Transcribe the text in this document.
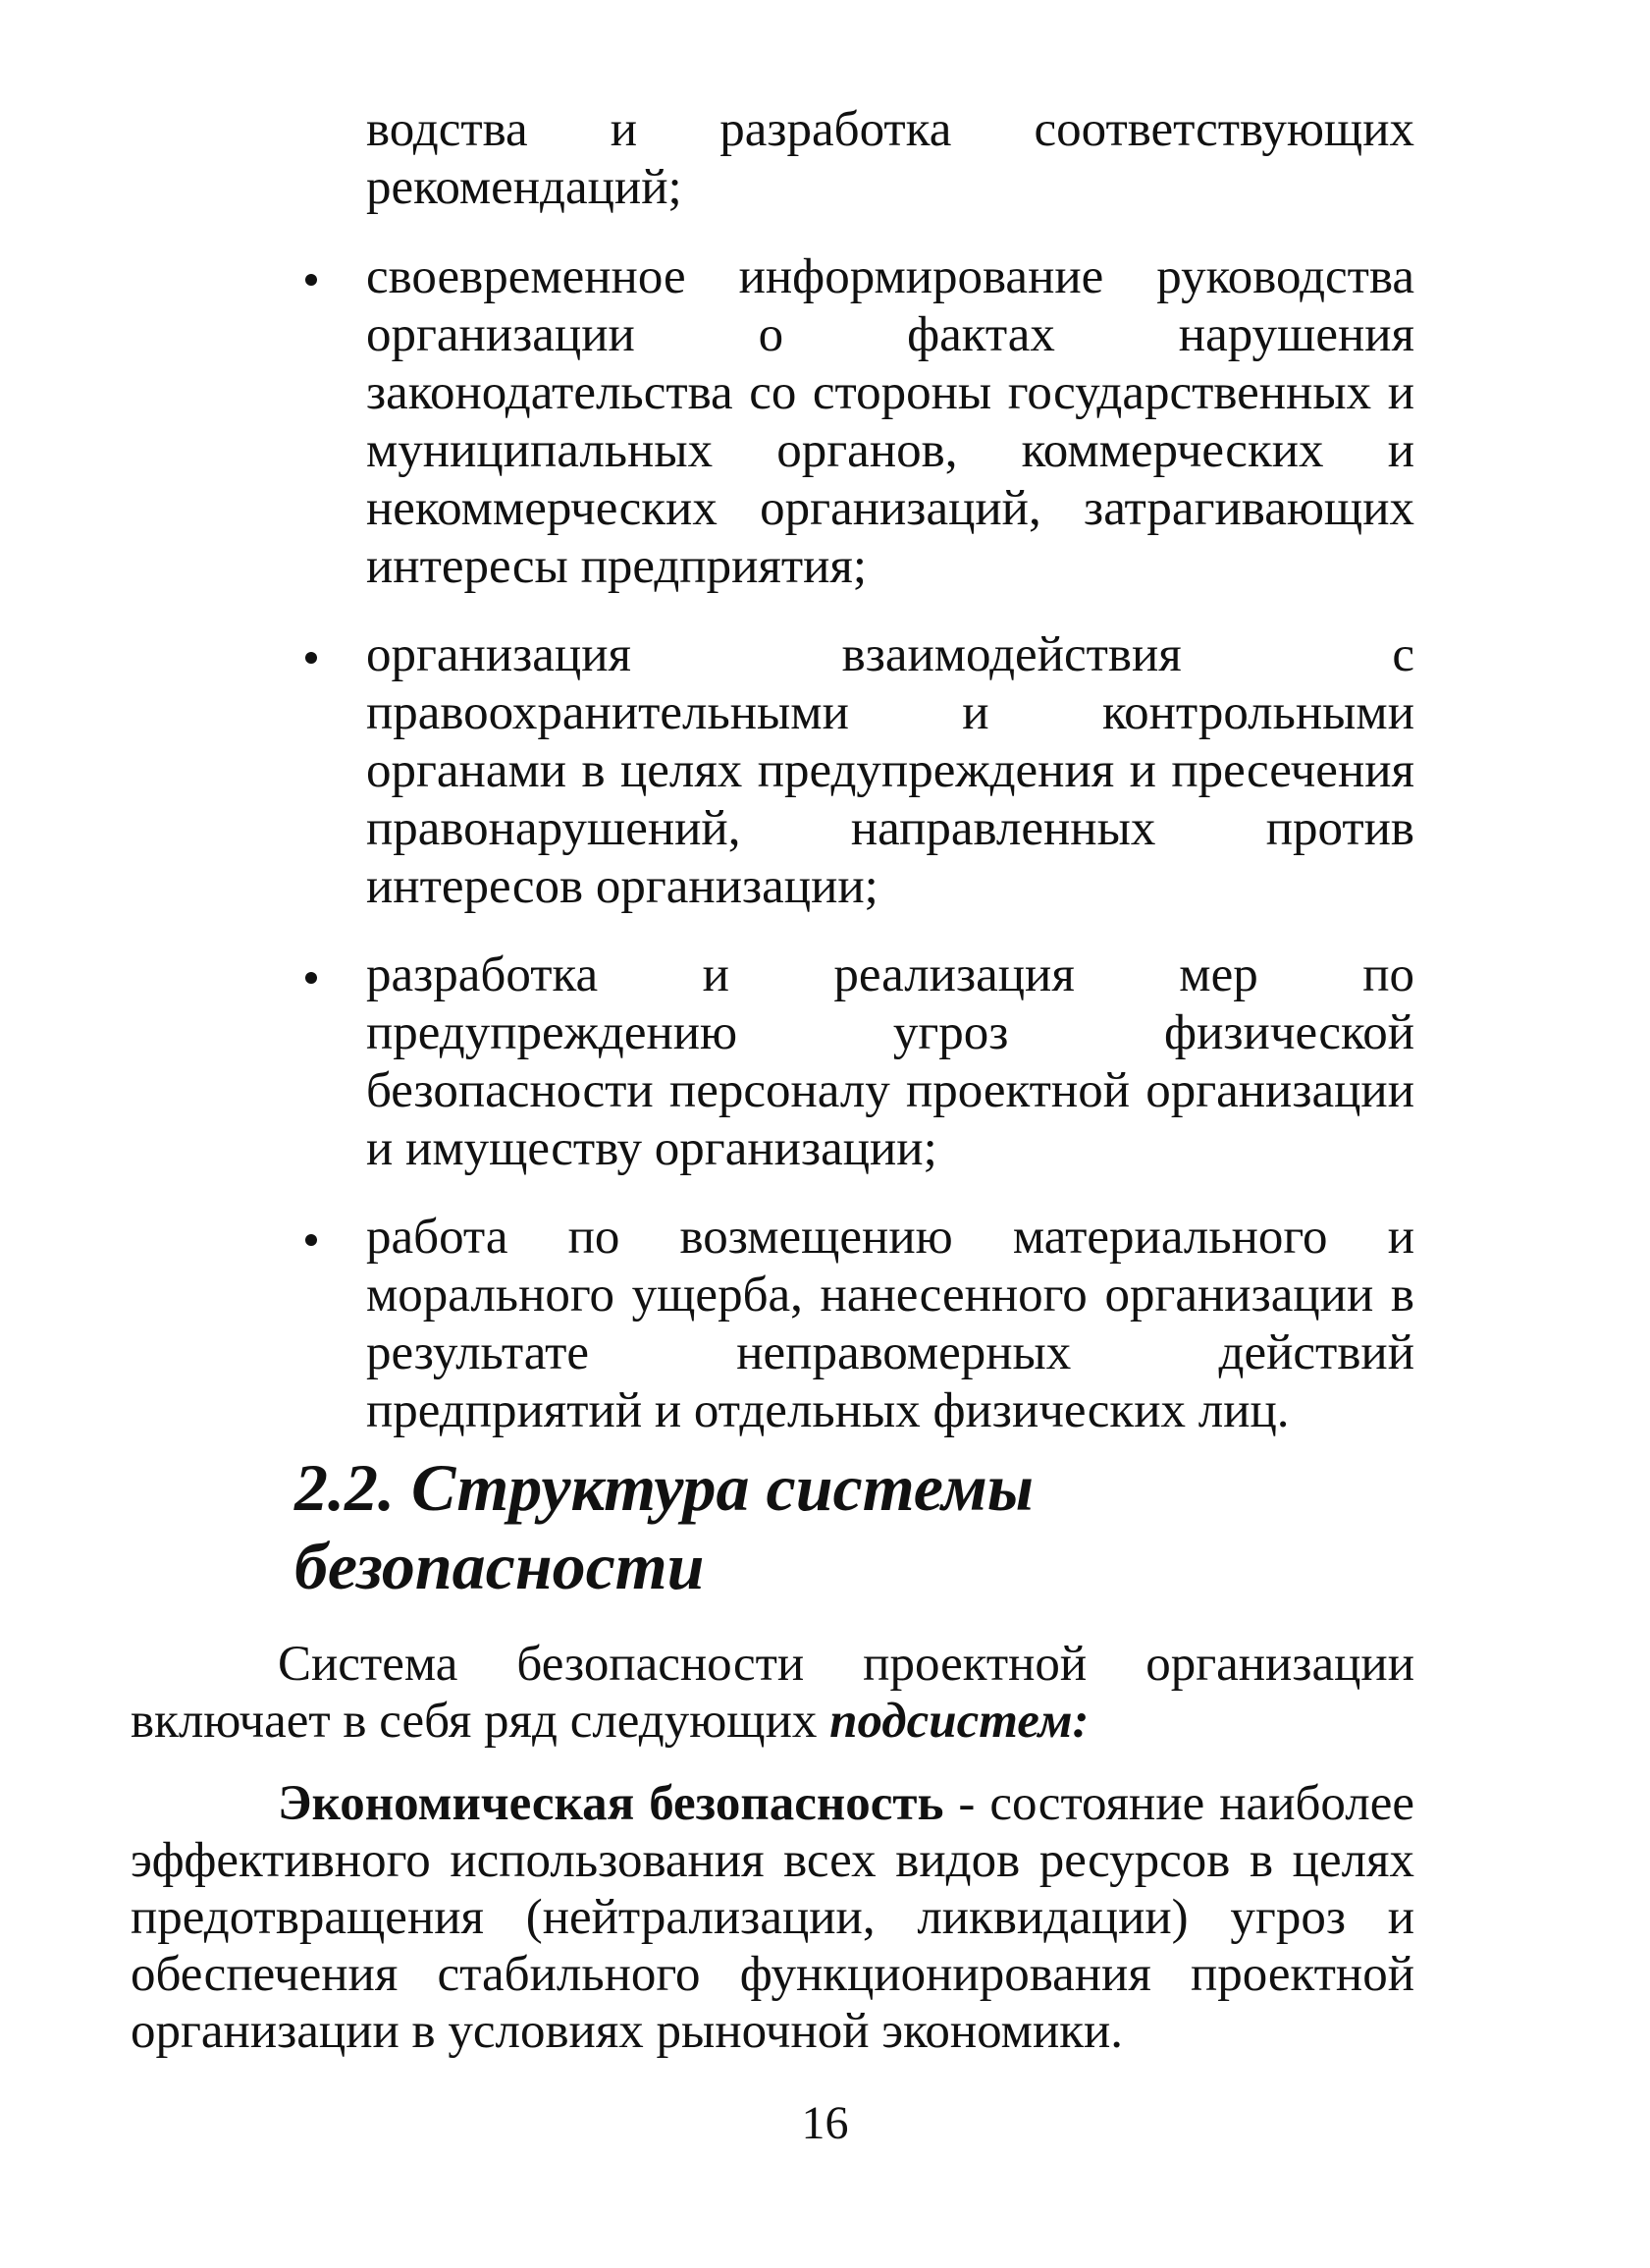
водства и разработка соответствующих рекомендаций;
своевременное информирование руководства организации о фактах нарушения законодательства со стороны государственных и муниципальных органов, коммерческих и некоммерческих организаций, затрагивающих интересы предприятия;
организация взаимодействия с правоохранительными и контрольными органами в целях предупреждения и пресечения правонарушений, направленных против интересов организации;
разработка и реализация мер по предупреждению угроз физической безопасности персоналу проектной организации и имуществу организации;
работа по возмещению материального и морального ущерба, нанесенного организации в результате неправомерных действий предприятий и отдельных физических лиц.
2.2. Структура системы безопасности

Система безопасности проектной организации включает в себя ряд следующих подсистем:

Экономическая безопасность - состояние наиболее эффективного использования всех видов ресурсов в целях предотвращения (нейтрализации, ликвидации) угроз и обеспечения стабильного функционирования проектной организации в условиях рыночной экономики.

16
